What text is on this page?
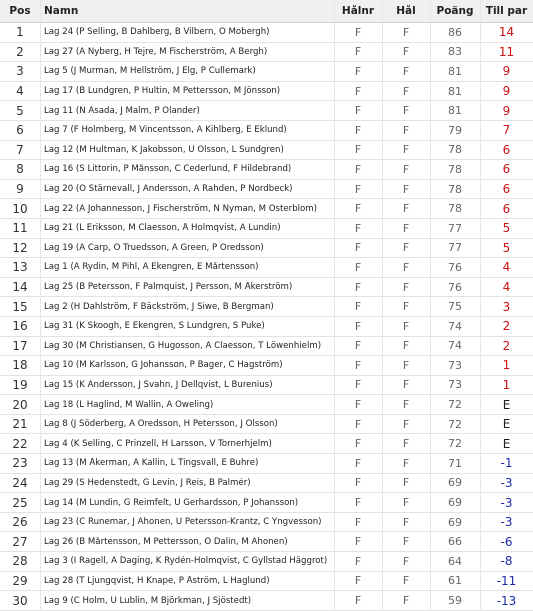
Pos	Namn	Hålnr	Hål	Poäng	Till par
1	Lag 24 (P Selling, B Dahlberg, B Vilbern, O Mobergh)	F	F	86	14
2	Lag 27 (A Nyberg, H Tejre, M Fischerström, A Bergh)	F	F	83	11
3	Lag 5 (J Murman, M Hellström, J Elg, P Cullemark)	F	F	81	9
4	Lag 17 (B Lundgren, P Hultin, M Pettersson, M Jönsson)	F	F	81	9
5	Lag 11 (N Asada, J Malm, P Olander)	F	F	81	9
6	Lag 7 (F Holmberg, M Vincentsson, A Kihlberg, E Eklund)	F	F	79	7
7	Lag 12 (M Hultman, K Jakobsson, U Olsson, L Sundgren)	F	F	78	6
8	Lag 16 (S Littorin, P Månsson, C Cederlund, F Hildebrand)	F	F	78	6
9	Lag 20 (O Stärnevall, J Andersson, A Rahden, P Nordbeck)	F	F	78	6
10	Lag 22 (A Johannesson, J Fischerström, N Nyman, M Österblom)	F	F	78	6
11	Lag 21 (L Eriksson, M Claesson, Å Holmqvist, A Lundin)	F	F	77	5
12	Lag 19 (A Carp, O Truedsson, A Green, P Oredsson)	F	F	77	5
13	Lag 1 (A Rydin, M Pihl, A Ekengren, E Mårtensson)	F	F	76	4
14	Lag 25 (B Petersson, F Palmquist, J Persson, M Åkerström)	F	F	76	4
15	Lag 2 (H Dahlström, F Bäckström, J Siwe, B Bergman)	F	F	75	3
16	Lag 31 (K Skoogh, E Ekengren, S Lundgren, S Puke)	F	F	74	2
17	Lag 30 (M Christiansen, G Hugosson, A Claesson, T Löwenhielm)	F	F	74	2
18	Lag 10 (M Karlsson, G Johansson, P Bager, C Hagström)	F	F	73	1
19	Lag 15 (K Andersson, J Svahn, J Dellqvist, L Burenius)	F	F	73	1
20	Lag 18 (L Haglind, M Wallin, A Oweling)	F	F	72	E
21	Lag 8 (J Söderberg, A Oredsson, H Petersson, J Olsson)	F	F	72	E
22	Lag 4 (K Selling, C Prinzell, H Larsson, V Tornerhjelm)	F	F	72	E
23	Lag 13 (M Åkerman, A Kallin, L Tingsvall, E Buhre)	F	F	71	-1
24	Lag 29 (S Hedenstedt, G Levin, J Reis, B Palmér)	F	F	69	-3
25	Lag 14 (M Lundin, G Reimfelt, U Gerhardsson, P Johansson)	F	F	69	-3
26	Lag 23 (C Runemar, J Ahonen, U Petersson-Krantz, C Yngvesson)	F	F	69	-3
27	Lag 26 (B Mårtensson, M Pettersson, O Dalin, M Ahonen)	F	F	66	-6
28	Lag 3 (I Ragell, A Daging, K Rydén-Holmqvist, C Gyllstad Häggrot)	F	F	64	-8
29	Lag 28 (T Ljungqvist, H Knape, P Åström, L Haglund)	F	F	61	-11
30	Lag 9 (C Holm, U Lublin, M Björkman, J Sjöstedt)	F	F	59	-13
